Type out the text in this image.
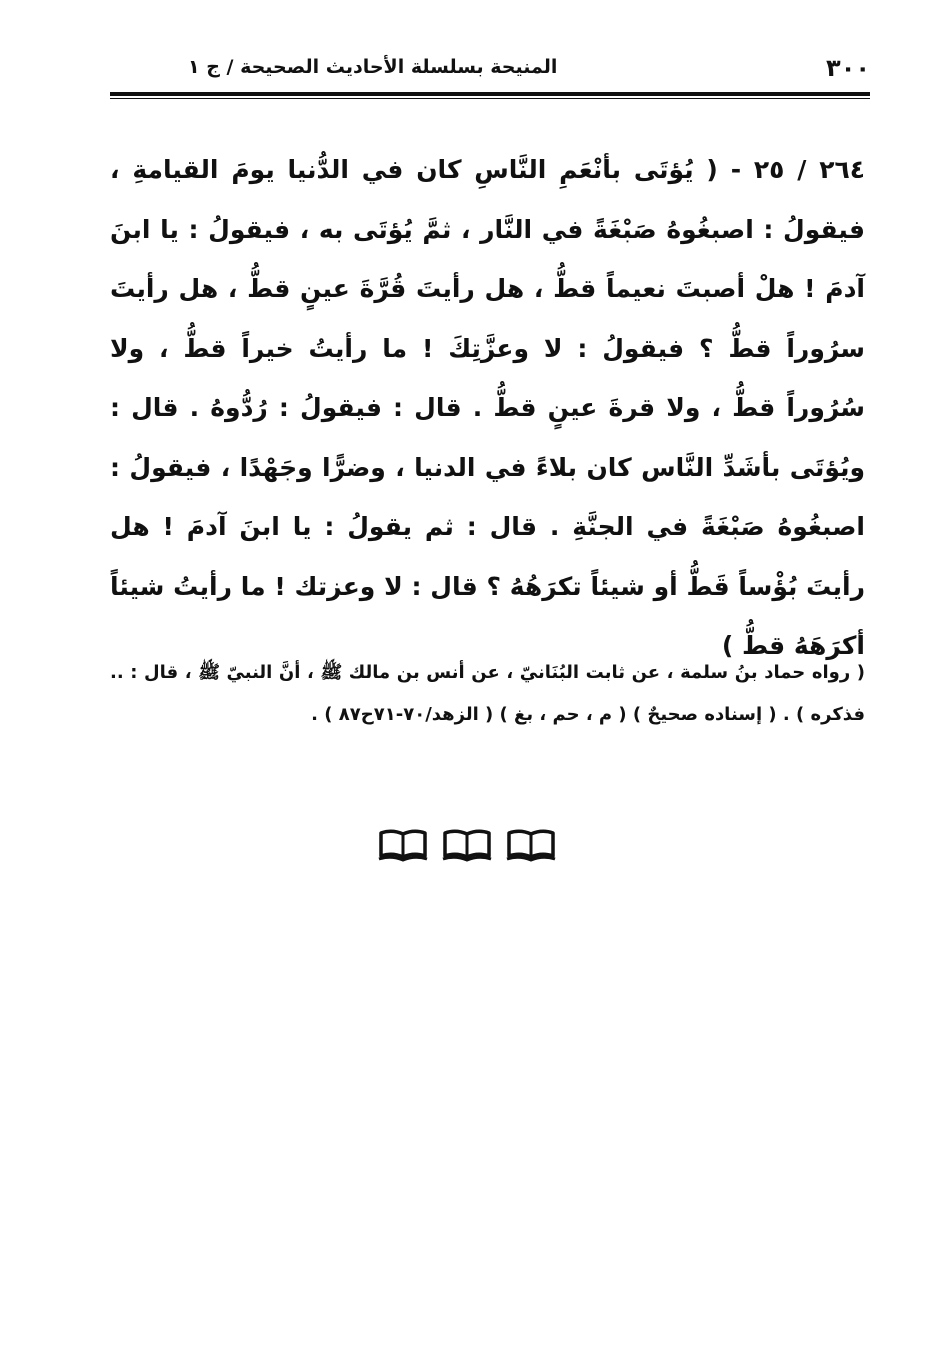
٣٠٠
المنيحة بسلسلة الأحاديث الصحيحة / ج ١

٢٦٤ / ٢٥ - ( يُؤتَى بأنْعَمِ النَّاسِ كان في الدُّنيا يومَ القيامةِ ، فيقولُ : اصبغُوهُ صَبْغَةً في النَّار ، ثمَّ يُؤتَى به ، فيقولُ : يا ابنَ آدمَ ! هلْ أصبتَ نعيماً قطُّ ، هل رأيتَ قُرَّةَ عينٍ قطُّ ، هل رأيتَ سرُوراً قطُّ ؟ فيقولُ : لا وعزَّتِكَ ! ما رأيتُ خيراً قطُّ ، ولا سُرُوراً قطُّ ، ولا قرةَ عينٍ قطُّ . قال : فيقولُ : رُدُّوهُ . قال : ويُؤتَى بأشَدِّ النَّاس كان بلاءً في الدنيا ، وضرًّا وجَهْدًا ، فيقولُ : اصبغُوهُ صَبْغَةً في الجنَّةِ . قال : ثم يقولُ : يا ابنَ آدمَ ! هل رأيتَ بُؤْساً قَطُّ أو شيئاً تكرَهُهُ ؟ قال : لا وعزتك ! ما رأيتُ شيئاً أكرَهَهُ قطُّ )

( رواه حماد بنُ سلمة ، عن ثابت البُنَانيّ ، عن أنس بن مالك ﷺ ، أنَّ النبيّ ﷺ ، قال : .. فذكره ) . ( إسناده صحيحٌ ) ( م ، حم ، بغ ) ( الزهد/٧٠-٧١ح٨٧ ) .
